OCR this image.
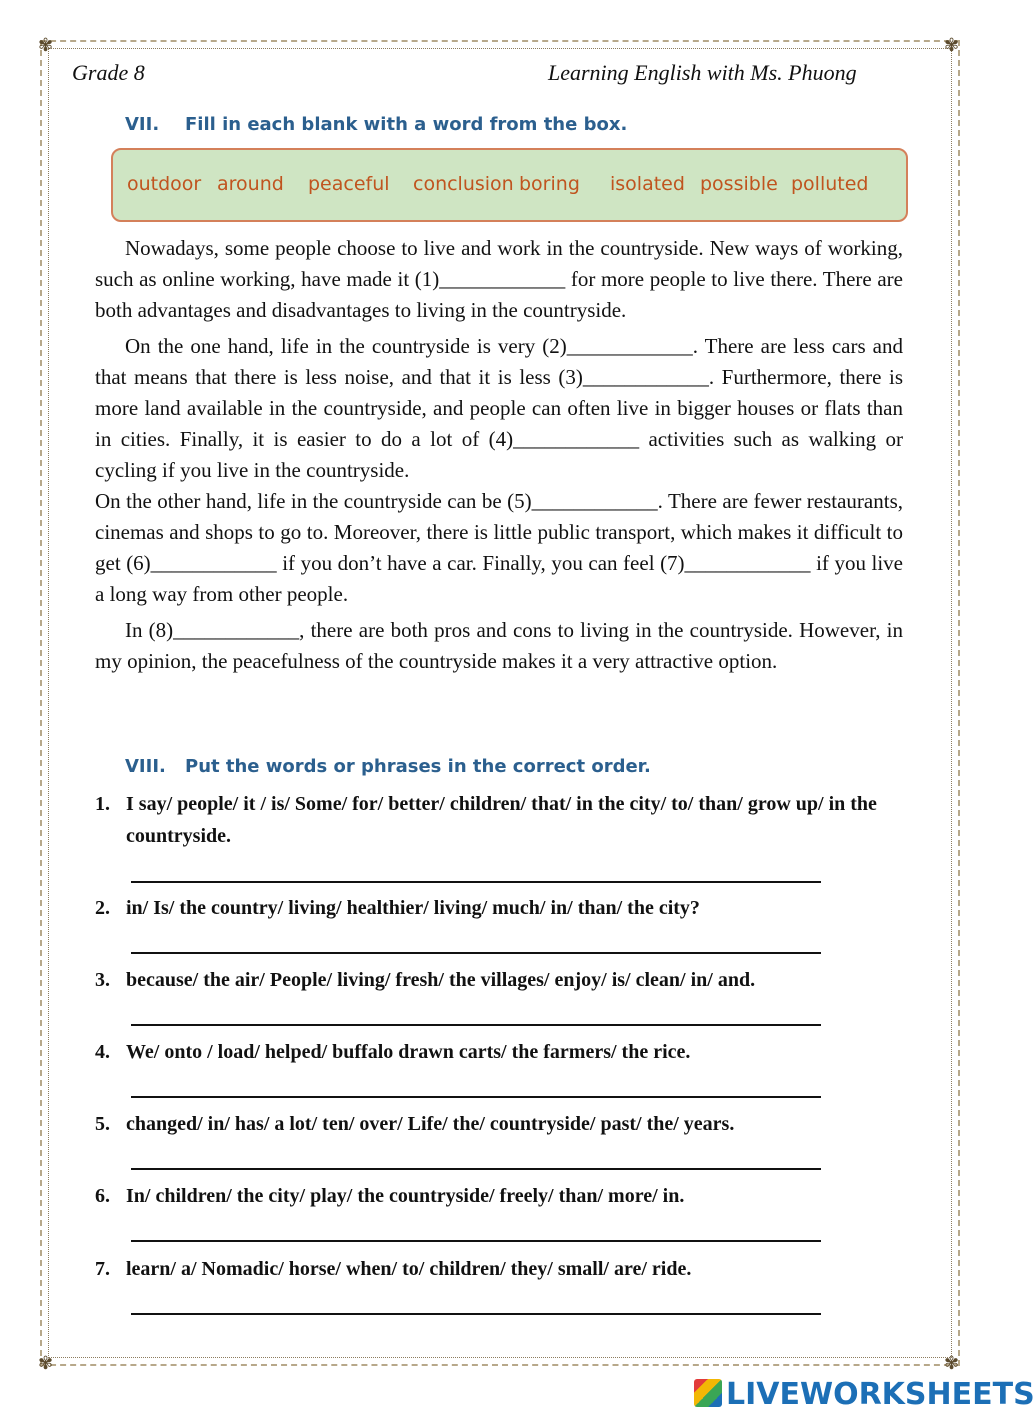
✾	✾
✾	✾
Grade 8	Learning English with Ms. Phuong
VII. Fill in each blank with a word from the box.
outdoor around peaceful conclusion boring isolated possible polluted

Nowadays, some people choose to live and work in the countryside. New ways of working, such as online working, have made it (1)____________ for more people to live there. There are both advantages and disadvantages to living in the countryside.

On the one hand, life in the countryside is very (2)____________. There are less cars and that means that there is less noise, and that it is less (3)____________. Furthermore, there is more land available in the countryside, and people can often live in bigger houses or flats than in cities. Finally, it is easier to do a lot of (4)____________ activities such as walking or cycling if you live in the countryside.

On the other hand, life in the countryside can be (5)____________. There are fewer restaurants, cinemas and shops to go to. Moreover, there is little public transport, which makes it difficult to get (6)____________ if you don’t have a car. Finally, you can feel (7)____________ if you live a long way from other people.

In (8)____________, there are both pros and cons to living in the countryside. However, in my opinion, the peacefulness of the countryside makes it a very attractive option.

VIII. Put the words or phrases in the correct order.
1. I say/ people/ it / is/ Some/ for/ better/ children/ that/ in the city/ to/ than/ grow up/ in the countryside.
2. in/ Is/ the country/ living/ healthier/ living/ much/ in/ than/ the city?
3. because/ the air/ People/ living/ fresh/ the villages/ enjoy/ is/ clean/ in/ and.
4. We/ onto / load/ helped/ buffalo drawn carts/ the farmers/ the rice.
5. changed/ in/ has/ a lot/ ten/ over/ Life/ the/ countryside/ past/ the/ years.
6. In/ children/ the city/ play/ the countryside/ freely/ than/ more/ in.
7. learn/ a/ Nomadic/ horse/ when/ to/ children/ they/ small/ are/ ride.
LIVEWORKSHEETS
